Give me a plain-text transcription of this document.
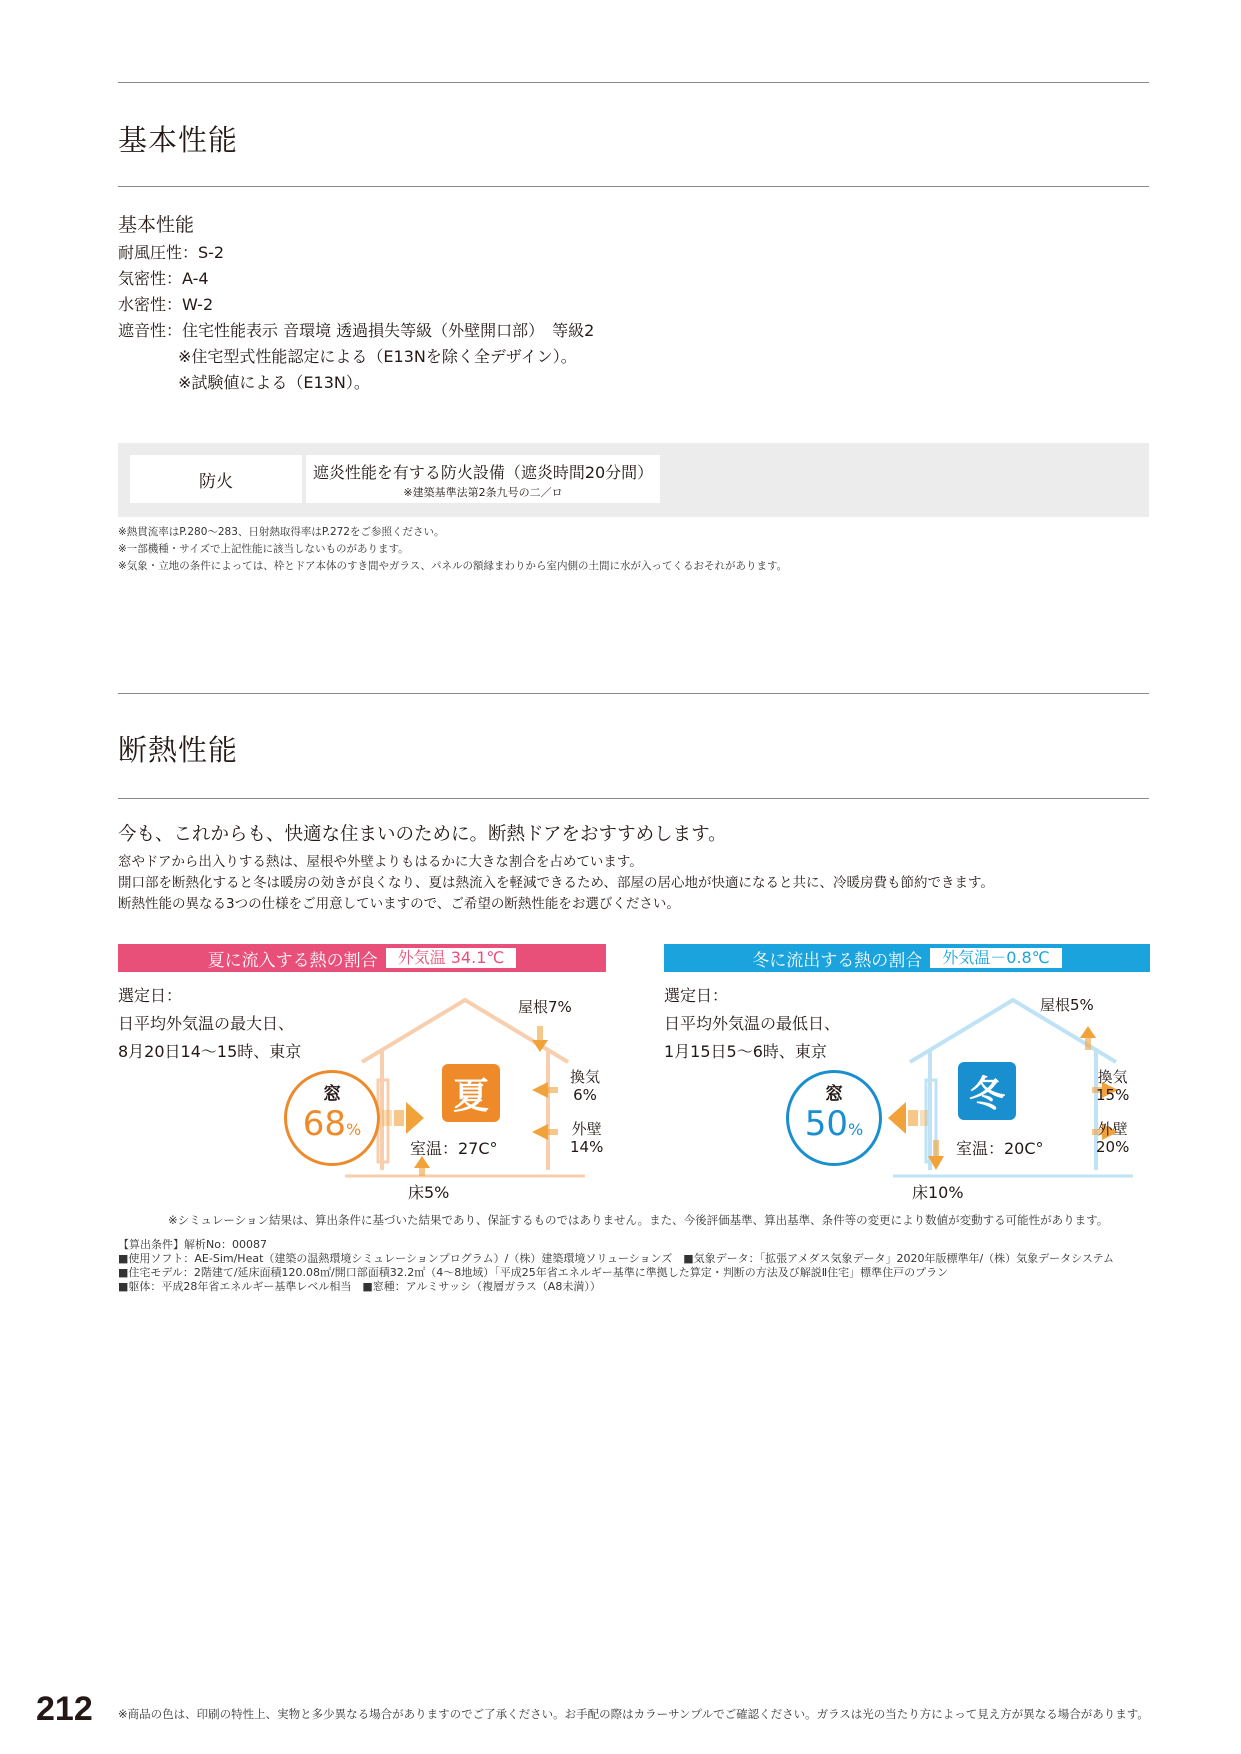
基本性能
基本性能
耐風圧性：S-2
気密性：A-4
水密性：W-2
遮音性：住宅性能表示 音環境 透過損失等級（外壁開口部）　等級2
※住宅型式性能認定による（E13Nを除く全デザイン）。
※試験値による（E13N）。
防火	遮炎性能を有する防火設備（遮炎時間20分間）
※建築基準法第2条九号の二／ロ
※熱貫流率はP.280〜283、日射熱取得率はP.272をご参照ください。
※一部機種・サイズで上記性能に該当しないものがあります。
※気象・立地の条件によっては、枠とドア本体のすき間やガラス、パネルの額縁まわりから室内側の土間に水が入ってくるおそれがあります。
断熱性能
今も、これからも、快適な住まいのために。断熱ドアをおすすめします。
窓やドアから出入りする熱は、屋根や外壁よりもはるかに大きな割合を占めています。
開口部を断熱化すると冬は暖房の効きが良くなり、夏は熱流入を軽減できるため、部屋の居心地が快適になると共に、冷暖房費も節約できます。
断熱性能の異なる3つの仕様をご用意していますので、ご希望の断熱性能をお選びください。
夏に流入する熱の割合	外気温 34.1℃	冬に流出する熱の割合	外気温－0.8℃
選定日：
日平均外気温の最大日、
8月20日14〜15時、東京
選定日：
日平均外気温の最低日、
1月15日5〜6時、東京
夏
窓
68%
屋根7%
換気
6%
外壁
14%
室温：27C°
床5%
冬
窓
50%
屋根5%
換気
15%
外壁
20%
室温：20C°
床10%
※シミュレーション結果は、算出条件に基づいた結果であり、保証するものではありません。また、今後評価基準、算出基準、条件等の変更により数値が変動する可能性があります。
【算出条件】解析No：00087
■使用ソフト：AE-Sim/Heat（建築の温熱環境シミュレーションプログラム）/（株）建築環境ソリューションズ　■気象データ：「拡張アメダス気象データ」2020年版標準年/（株）気象データシステム
■住宅モデル：2階建て/延床面積120.08㎡/開口部面積32.2㎡（4〜8地域）「平成25年省エネルギー基準に準拠した算定・判断の方法及び解説Ⅱ住宅」標準住戸のプラン
■躯体：平成28年省エネルギー基準レベル相当　■窓種：アルミサッシ（複層ガラス（A8未満））
212 ※商品の色は、印刷の特性上、実物と多少異なる場合がありますのでご了承ください。お手配の際はカラーサンプルでご確認ください。ガラスは光の当たり方によって見え方が異なる場合があります。
